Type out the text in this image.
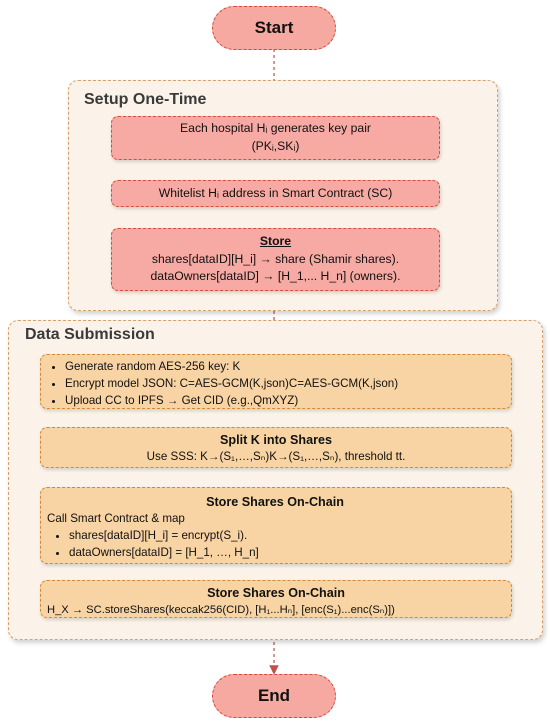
Start
Setup One-Time
Each hospital Hᵢ generates key pair
(PKᵢ,SKᵢ)
Whitelist Hᵢ address in Smart Contract (SC)
Store
shares[dataID][H_i] → share (Shamir shares).
dataOwners[dataID] → [H_1,... H_n] (owners).
Data Submission
• Generate random AES-256 key: K
• Encrypt model JSON: C=AES-GCM(K,json)C=AES-GCM(K,json)
• Upload CC to IPFS → Get CID (e.g.,QmXYZ)
Split K into Shares
Use SSS: K→(S₁,…,Sₙ)K→(S₁,…,Sₙ), threshold tt.
Store Shares On-Chain
Call Smart Contract & map
• shares[dataID][H_i] = encrypt(S_i).
• dataOwners[dataID] = [H_1, …, H_n]
Store Shares On-Chain
H_X → SC.storeShares(keccak256(CID), [H₁...Hₙ], [enc(S₁)...enc(Sₙ)])
End
